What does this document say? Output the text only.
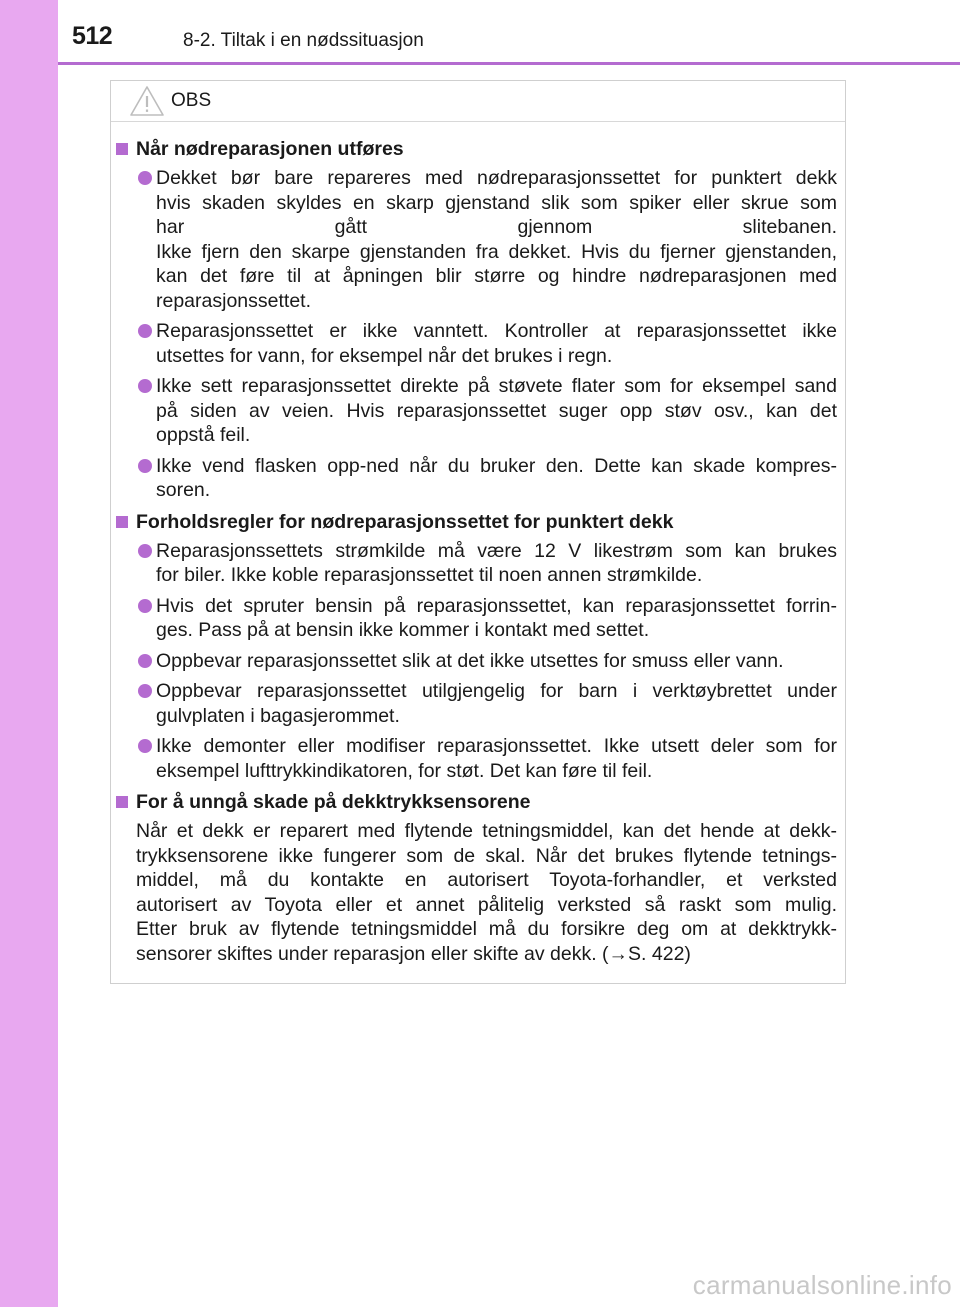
512	8-2. Tiltak i en nødssituasjon
OBS
Når nødreparasjonen utføres
Dekket bør bare repareres med nødreparasjonssettet for punktert dekk
hvis skaden skyldes en skarp gjenstand slik som spiker eller skrue som
har gått gjennom slitebanen.
Ikke fjern den skarpe gjenstanden fra dekket. Hvis du fjerner gjenstanden,
kan det føre til at åpningen blir større og hindre nødreparasjonen med
reparasjonssettet.
Reparasjonssettet er ikke vanntett. Kontroller at reparasjonssettet ikke
utsettes for vann, for eksempel når det brukes i regn.
Ikke sett reparasjonssettet direkte på støvete flater som for eksempel sand
på siden av veien. Hvis reparasjonssettet suger opp støv osv., kan det
oppstå feil.
Ikke vend flasken opp-ned når du bruker den. Dette kan skade kompres-
soren.
Forholdsregler for nødreparasjonssettet for punktert dekk
Reparasjonssettets strømkilde må være 12 V likestrøm som kan brukes
for biler. Ikke koble reparasjonssettet til noen annen strømkilde.
Hvis det spruter bensin på reparasjonssettet, kan reparasjonssettet forrin-
ges. Pass på at bensin ikke kommer i kontakt med settet.
Oppbevar reparasjonssettet slik at det ikke utsettes for smuss eller vann.
Oppbevar reparasjonssettet utilgjengelig for barn i verktøybrettet under
gulvplaten i bagasjerommet.
Ikke demonter eller modifiser reparasjonssettet. Ikke utsett deler som for
eksempel lufttrykkindikatoren, for støt. Det kan føre til feil.
For å unngå skade på dekktrykksensorene
Når et dekk er reparert med flytende tetningsmiddel, kan det hende at dekk-
trykksensorene ikke fungerer som de skal. Når det brukes flytende tetnings-
middel, må du kontakte en autorisert Toyota-forhandler, et verksted
autorisert av Toyota eller et annet pålitelig verksted så raskt som mulig.
Etter bruk av flytende tetningsmiddel må du forsikre deg om at dekktrykk-
sensorer skiftes under reparasjon eller skifte av dekk. (→S. 422)
carmanualsonline.info
